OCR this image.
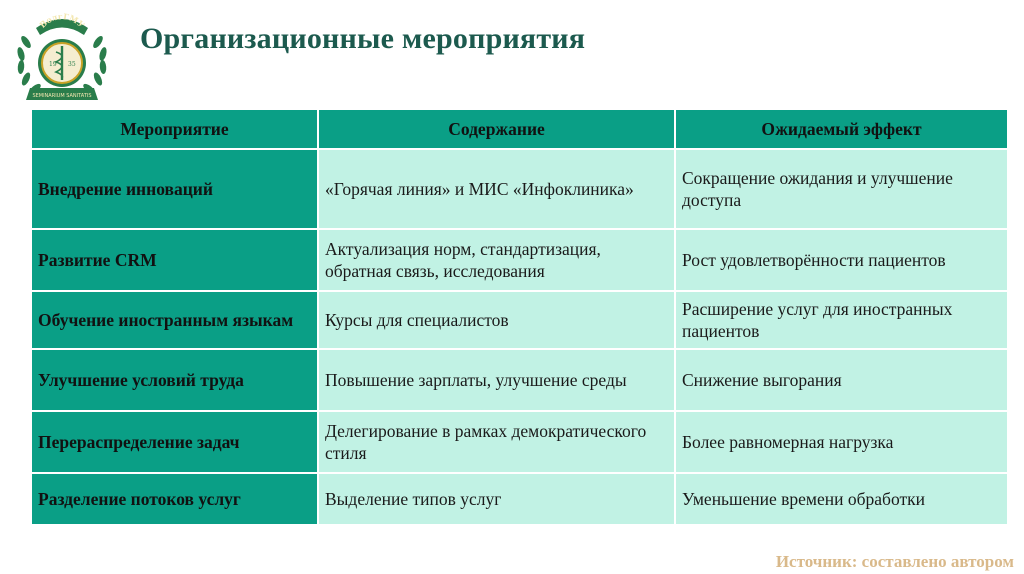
ВолгГМУ
19 35
SEMINARIUM SANITATIS
Организационные мероприятия
Мероприятие	Содержание	Ожидаемый эффект
Внедрение инноваций	«Горячая линия» и МИС «Инфоклиника»	Сокращение ожидания и улучшение доступа
Развитие CRM	Актуализация норм, стандартизация, обратная связь, исследования	Рост удовлетворённости пациентов
Обучение иностранным языкам	Курсы для специалистов	Расширение услуг для иностранных пациентов
Улучшение условий труда	Повышение зарплаты, улучшение среды	Снижение выгорания
Перераспределение задач	Делегирование в рамках демократического стиля	Более равномерная нагрузка
Разделение потоков услуг	Выделение типов услуг	Уменьшение времени обработки

Источник: составлено автором
